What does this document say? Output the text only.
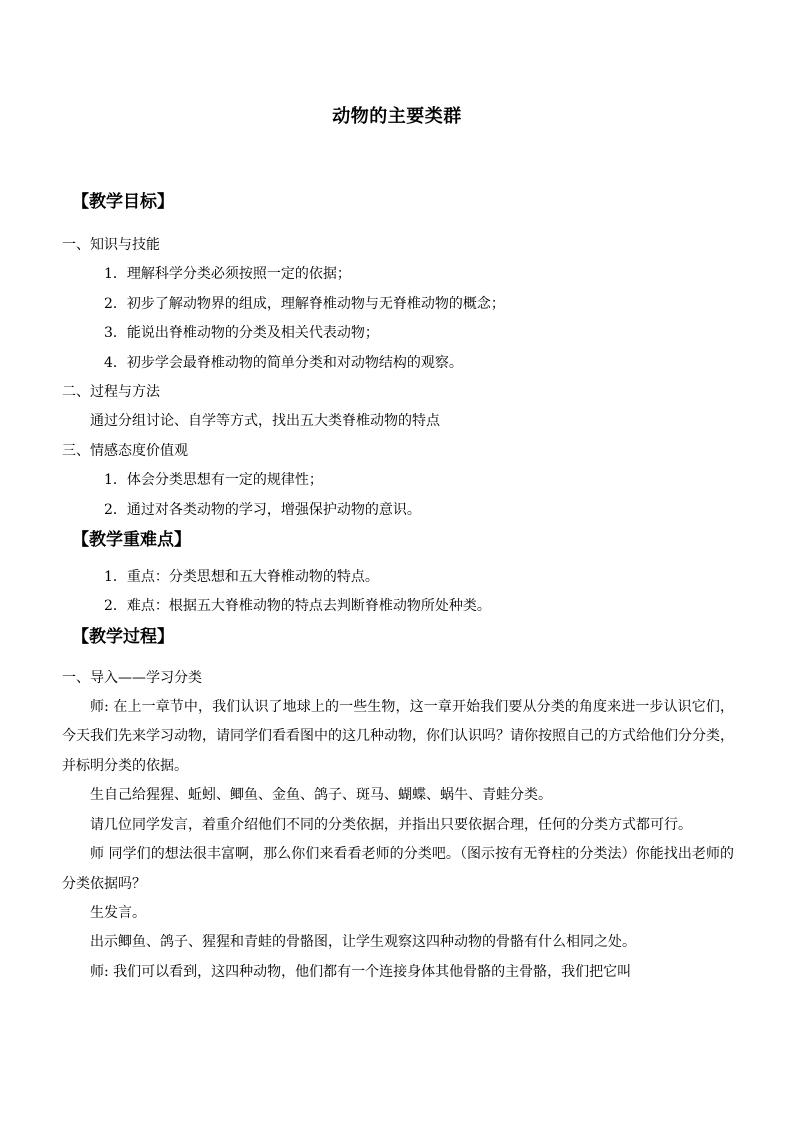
动物的主要类群
【教学目标】
一、知识与技能
1．理解科学分类必须按照一定的依据；
2．初步了解动物界的组成，理解脊椎动物与无脊椎动物的概念；
3．能说出脊椎动物的分类及相关代表动物；
4．初步学会最脊椎动物的简单分类和对动物结构的观察。
二、过程与方法
通过分组讨论、自学等方式，找出五大类脊椎动物的特点
三、情感态度价值观
1．体会分类思想有一定的规律性；
2．通过对各类动物的学习，增强保护动物的意识。
【教学重难点】
1．重点：分类思想和五大脊椎动物的特点。
2．难点：根据五大脊椎动物的特点去判断脊椎动物所处种类。
【教学过程】
一、导入——学习分类

师: 在上一章节中，我们认识了地球上的一些生物，这一章开始我们要从分类的角度来进一步认识它们，今天我们先来学习动物，请同学们看看图中的这几种动物，你们认识吗？请你按照自己的方式给他们分分类，并标明分类的依据。

生自己给猩猩、蚯蚓、鲫鱼、金鱼、鸽子、斑马、蝴蝶、蜗牛、青蛙分类。

请几位同学发言，着重介绍他们不同的分类依据，并指出只要依据合理，任何的分类方式都可行。

师 同学们的想法很丰富啊，那么你们来看看老师的分类吧。（图示按有无脊柱的分类法）你能找出老师的分类依据吗？

生发言。

出示鲫鱼、鸽子、猩猩和青蛙的骨骼图，让学生观察这四种动物的骨骼有什么相同之处。

师: 我们可以看到，这四种动物，他们都有一个连接身体其他骨骼的主骨骼，我们把它叫
